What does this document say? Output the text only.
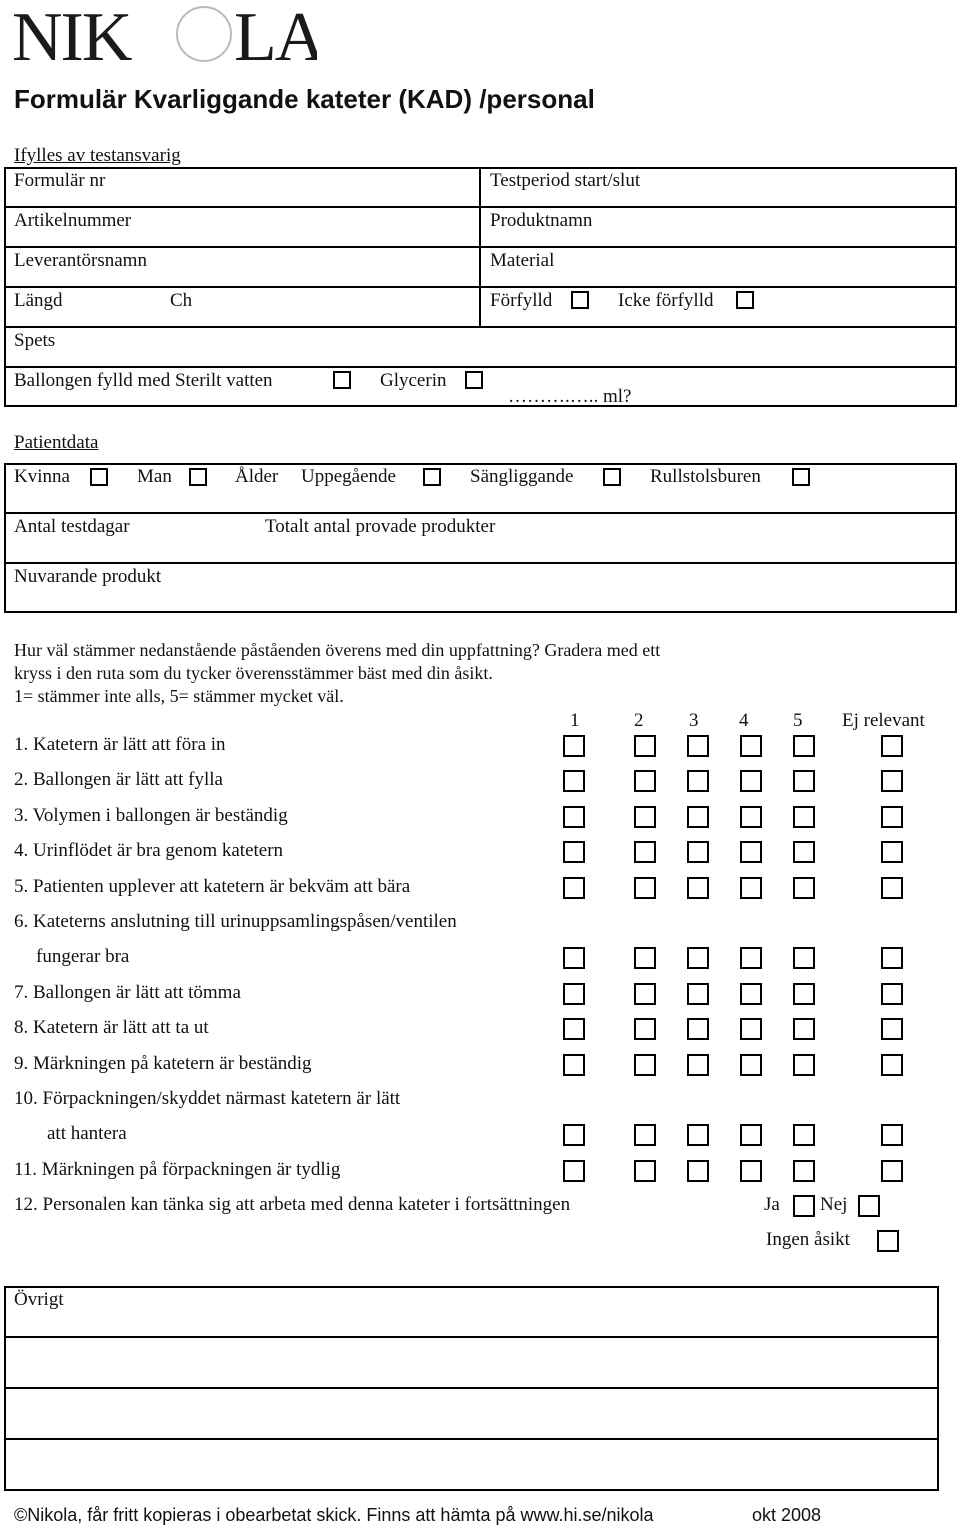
NIK LA
Formulär Kvarliggande kateter (KAD) /personal
Ifylles av testansvarig
Formulär nr	Testperiod start/slut
Artikelnummer	Produktnamn
Leverantörsnamn	Material
Längd	Ch	Förfylld	Icke förfylld
Spets
Ballongen fylld med Sterilt vatten	Glycerin
……….….. ml?
Patientdata
Kvinna	Man	Ålder Uppegående	Sängliggande	Rullstolsburen
Antal testdagar	Totalt antal provade produkter
Nuvarande produkt
Hur väl stämmer nedanstående påståenden överens med din uppfattning? Gradera med ett
kryss i den ruta som du tycker överensstämmer bäst med din åsikt.
1= stämmer inte alls, 5= stämmer mycket väl.
1	2 3 4 5 Ej relevant
1. Katetern är lätt att föra in
2. Ballongen är lätt att fylla
3. Volymen i ballongen är beständig
4. Urinflödet är bra genom katetern
5. Patienten upplever att katetern är bekväm att bära
6. Kateterns anslutning till urinuppsamlingspåsen/ventilen
fungerar bra
7. Ballongen är lätt att tömma
8. Katetern är lätt att ta ut
9. Märkningen på katetern är beständig
10. Förpackningen/skyddet närmast katetern är lätt
att hantera
11. Märkningen på förpackningen är tydlig
12. Personalen kan tänka sig att arbeta med denna kateter i fortsättningen	Ja Nej
Ingen åsikt
Övrigt
©Nikola, får fritt kopieras i obearbetat skick. Finns att hämta på www.hi.se/nikola	okt 2008
